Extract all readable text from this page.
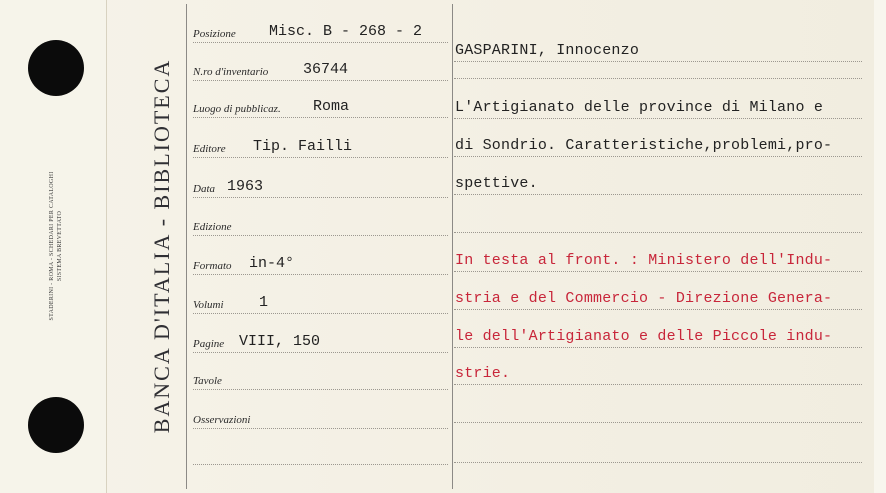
STADERINI - ROMA - SCHEDARI PER CATALOGHI SISTEMA BREVETTATO	BANCA D'ITALIA - BIBLIOTECA
Posizione Misc. B - 268 - 2
N.ro d'inventario 36744
Luogo di pubblicaz. Roma
Editore Tip. Failli
Data 1963
Edizione
Formato in-4°
Volumi 1
Pagine VIII, 150
Tavole
Osservazioni
GASPARINI, Innocenzo
L'Artigianato delle province di Milano e
di Sondrio. Caratteristiche,problemi,pro-
spettive.
In testa al front. : Ministero dell'Indu-
stria e del Commercio - Direzione Genera-
le dell'Artigianato e delle Piccole indu-
strie.
